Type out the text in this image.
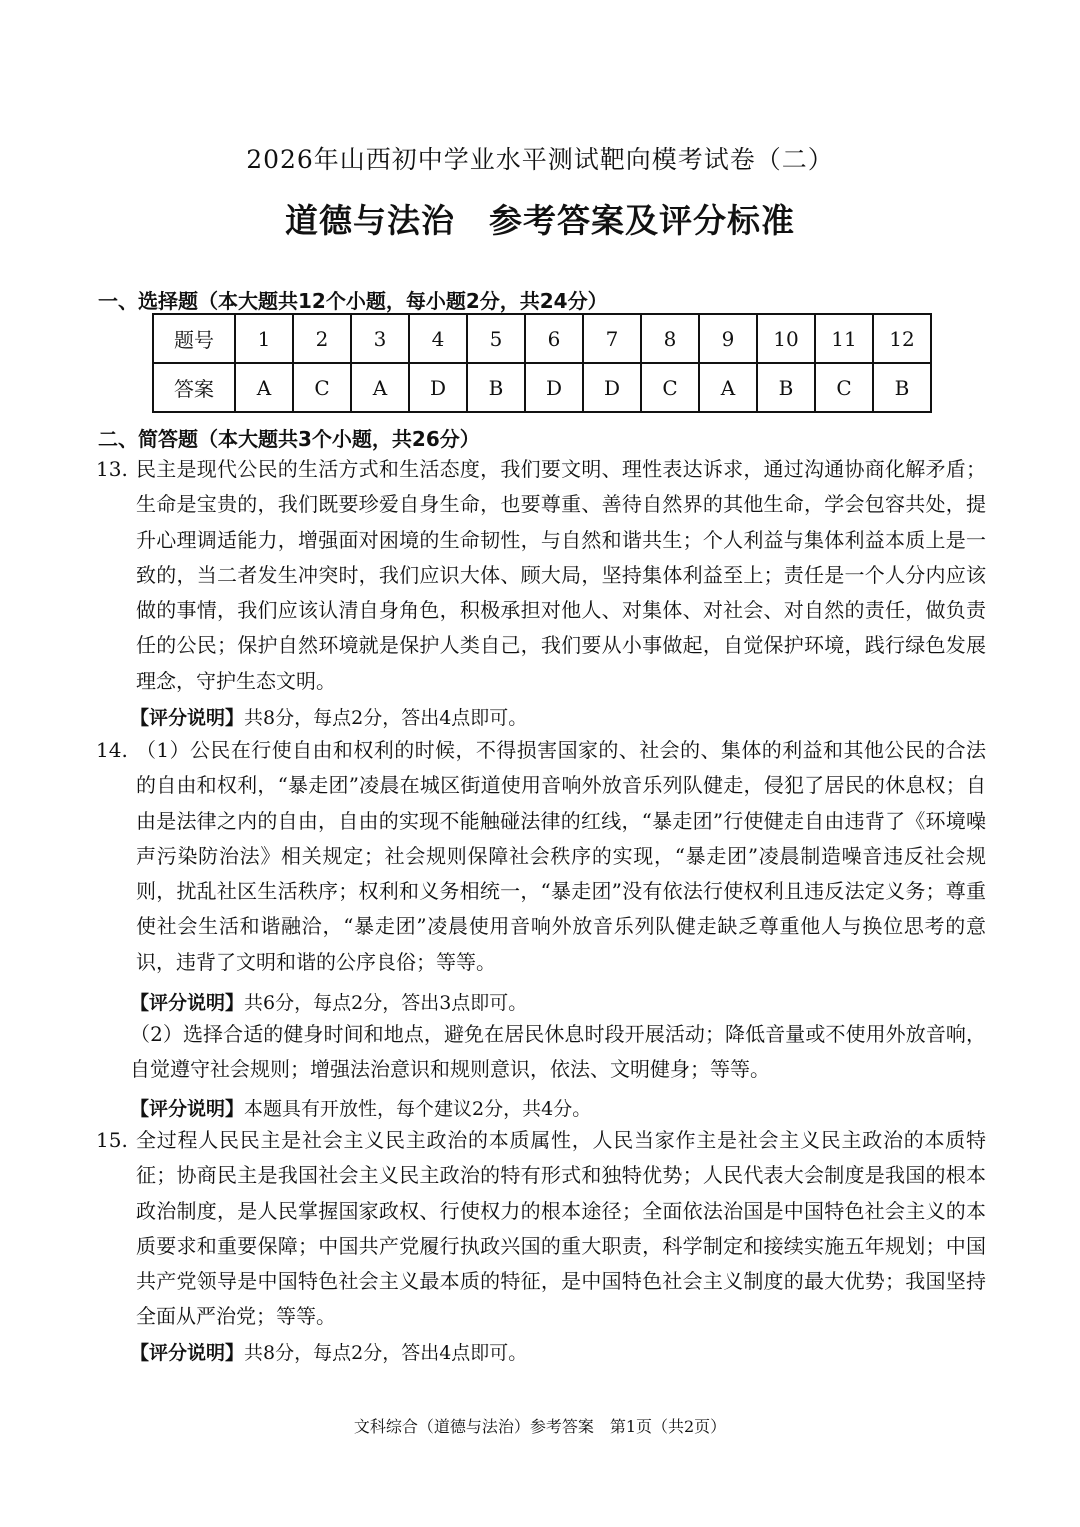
2026年山西初中学业水平测试靶向模考试卷（二）
道德与法治　参考答案及评分标准
一、选择题（本大题共12个小题，每小题2分，共24分）
题号	1	2	3	4	5	6	7	8	9	10	11	12
答案	A	C	A	D	B	D	D	C	A	B	C	B
二、简答题（本大题共3个小题，共26分）
13. 民主是现代公民的生活方式和生活态度，我们要文明、理性表达诉求，通过沟通协商化解矛盾；生命是宝贵的，我们既要珍爱自身生命，也要尊重、善待自然界的其他生命，学会包容共处，提升心理调适能力，增强面对困境的生命韧性，与自然和谐共生；个人利益与集体利益本质上是一致的，当二者发生冲突时，我们应识大体、顾大局，坚持集体利益至上；责任是一个人分内应该做的事情，我们应该认清自身角色，积极承担对他人、对集体、对社会、对自然的责任，做负责任的公民；保护自然环境就是保护人类自己，我们要从小事做起，自觉保护环境，践行绿色发展理念，守护生态文明。
【评分说明】共8分，每点2分，答出4点即可。
14. （1）公民在行使自由和权利的时候，不得损害国家的、社会的、集体的利益和其他公民的合法的自由和权利，“暴走团”凌晨在城区街道使用音响外放音乐列队健走，侵犯了居民的休息权；自由是法律之内的自由，自由的实现不能触碰法律的红线，“暴走团”行使健走自由违背了《环境噪声污染防治法》相关规定；社会规则保障社会秩序的实现，“暴走团”凌晨制造噪音违反社会规则，扰乱社区生活秩序；权利和义务相统一，“暴走团”没有依法行使权利且违反法定义务；尊重使社会生活和谐融洽，“暴走团”凌晨使用音响外放音乐列队健走缺乏尊重他人与换位思考的意识，违背了文明和谐的公序良俗；等等。
【评分说明】共6分，每点2分，答出3点即可。
（2）选择合适的健身时间和地点，避免在居民休息时段开展活动；降低音量或不使用外放音响，自觉遵守社会规则；增强法治意识和规则意识，依法、文明健身；等等。
【评分说明】本题具有开放性，每个建议2分，共4分。
15. 全过程人民民主是社会主义民主政治的本质属性，人民当家作主是社会主义民主政治的本质特征；协商民主是我国社会主义民主政治的特有形式和独特优势；人民代表大会制度是我国的根本政治制度，是人民掌握国家政权、行使权力的根本途径；全面依法治国是中国特色社会主义的本质要求和重要保障；中国共产党履行执政兴国的重大职责，科学制定和接续实施五年规划；中国共产党领导是中国特色社会主义最本质的特征，是中国特色社会主义制度的最大优势；我国坚持全面从严治党；等等。
【评分说明】共8分，每点2分，答出4点即可。
文科综合（道德与法治）参考答案　第1页（共2页）
